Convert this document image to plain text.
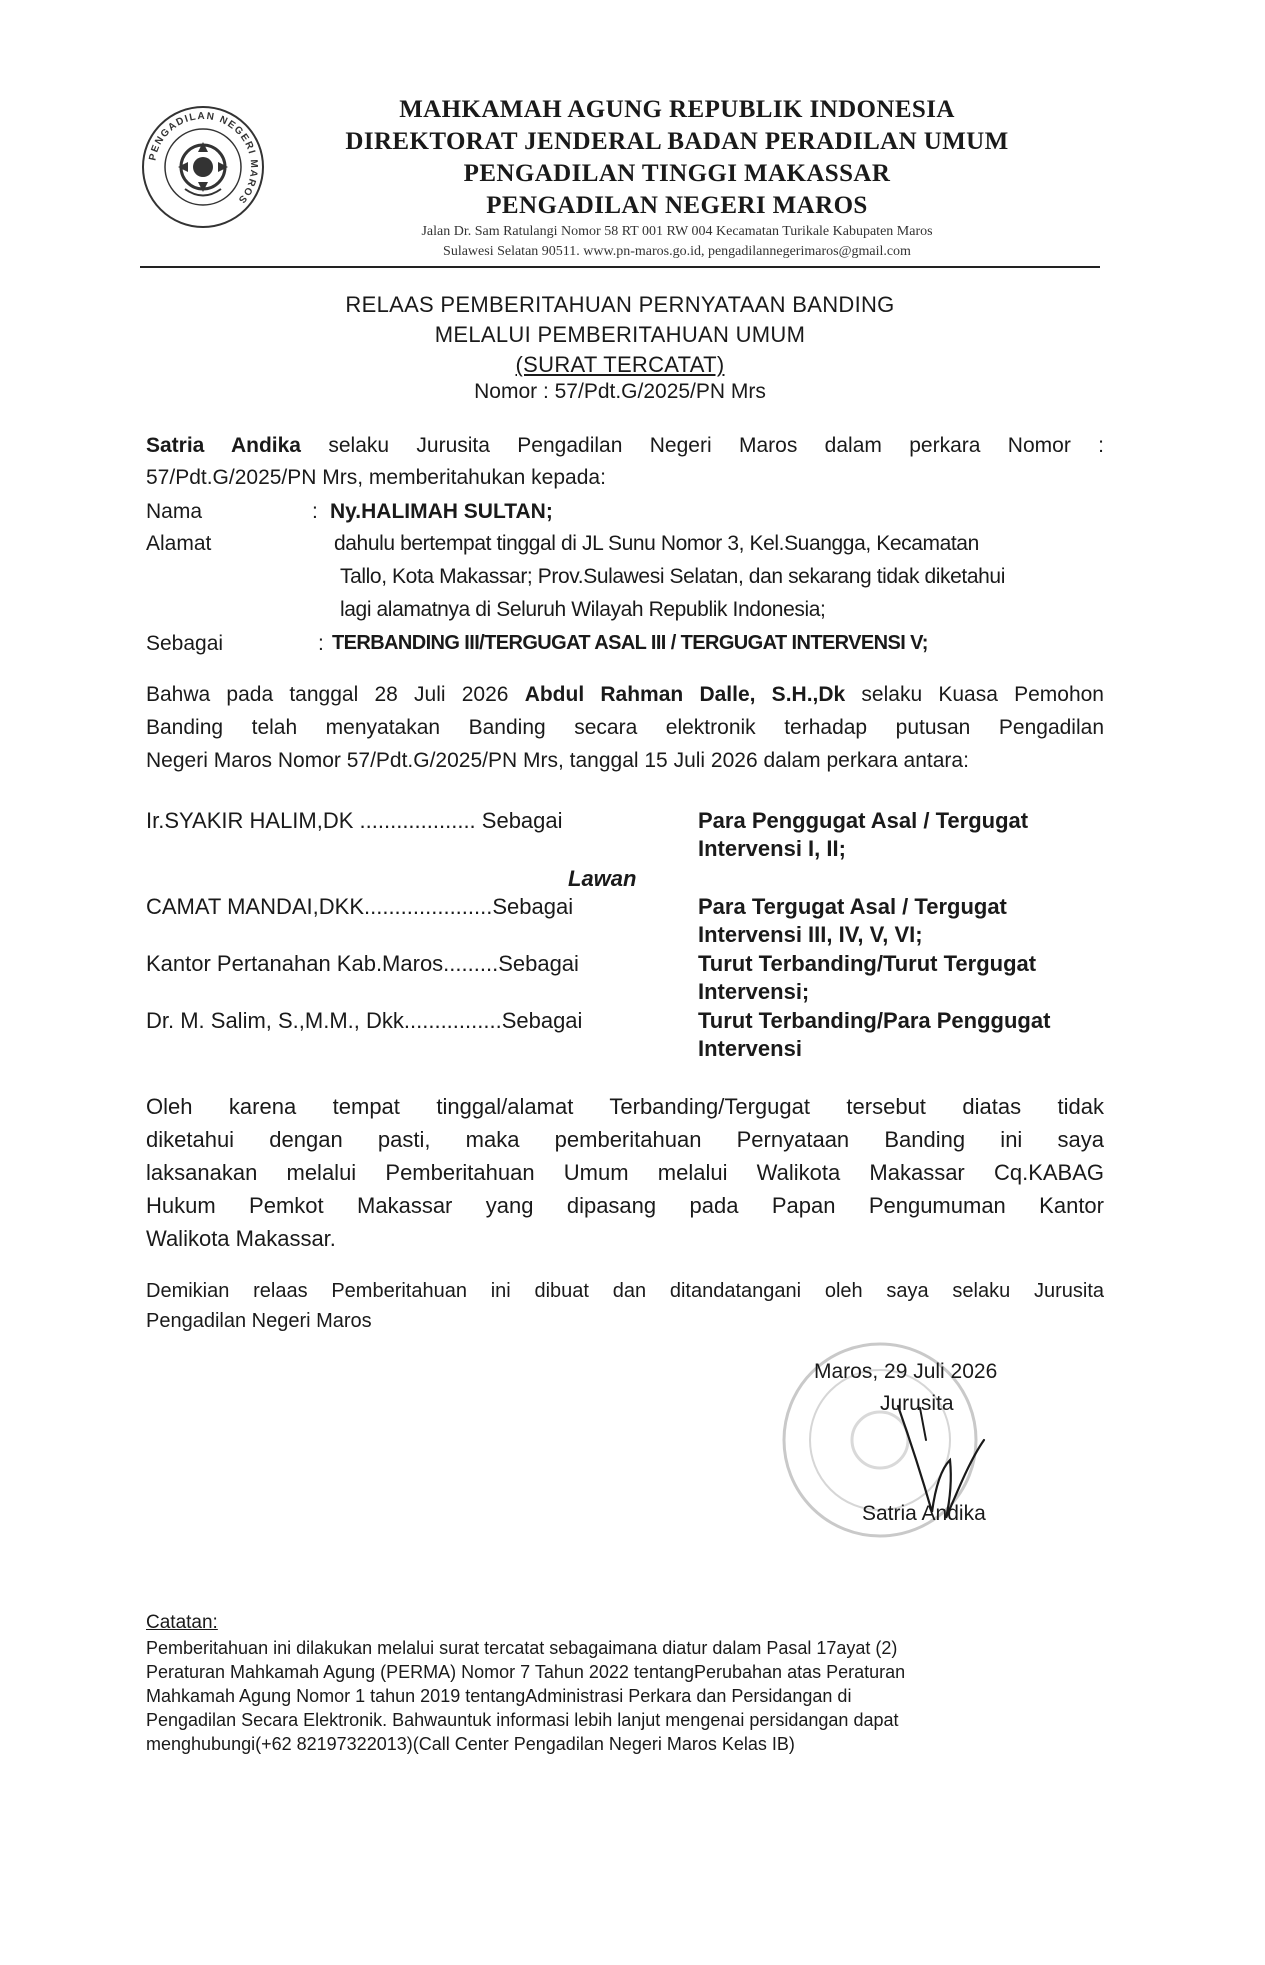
PENGADILAN NEGERI MAROS
MAHKAMAH AGUNG REPUBLIK INDONESIA
DIREKTORAT JENDERAL BADAN PERADILAN UMUM
PENGADILAN TINGGI MAKASSAR
PENGADILAN NEGERI MAROS
Jalan Dr. Sam Ratulangi Nomor 58 RT 001 RW 004 Kecamatan Turikale Kabupaten Maros
Sulawesi Selatan 90511. www.pn-maros.go.id, pengadilannegerimaros@gmail.com
RELAAS PEMBERITAHUAN PERNYATAAN BANDING
MELALUI PEMBERITAHUAN UMUM
(SURAT TERCATAT)
Nomor : 57/Pdt.G/2025/PN Mrs
Satria Andika selaku Jurusita Pengadilan Negeri Maros dalam perkara Nomor :
57/Pdt.G/2025/PN Mrs, memberitahukan kepada:
Nama	: Ny.HALIMAH SULTAN;
Alamat	dahulu bertempat tinggal di JL Sunu Nomor 3, Kel.Suangga, Kecamatan
Tallo, Kota Makassar; Prov.Sulawesi Selatan, dan sekarang tidak diketahui
lagi alamatnya di Seluruh Wilayah Republik Indonesia;
Sebagai	: TERBANDING III/TERGUGAT ASAL III / TERGUGAT INTERVENSI V;
Bahwa pada tanggal 28 Juli 2026 Abdul Rahman Dalle, S.H.,Dk selaku Kuasa Pemohon
Banding telah menyatakan Banding secara elektronik terhadap putusan Pengadilan
Negeri Maros Nomor 57/Pdt.G/2025/PN Mrs, tanggal 15 Juli 2026 dalam perkara antara:
Ir.SYAKIR HALIM,DK ................... Sebagai	Para Penggugat Asal / Tergugat
Intervensi I, II;
Lawan
CAMAT MANDAI,DKK.....................Sebagai	Para Tergugat Asal / Tergugat
Intervensi III, IV, V, VI;
Kantor Pertanahan Kab.Maros.........Sebagai	Turut Terbanding/Turut Tergugat
Intervensi;
Dr. M. Salim, S.,M.M., Dkk................Sebagai	Turut Terbanding/Para Penggugat
Intervensi
Oleh karena tempat tinggal/alamat Terbanding/Tergugat tersebut diatas tidak
diketahui dengan pasti, maka pemberitahuan Pernyataan Banding ini saya
laksanakan melalui Pemberitahuan Umum melalui Walikota Makassar Cq.KABAG
Hukum Pemkot Makassar yang dipasang pada Papan Pengumuman Kantor
Walikota Makassar.
Demikian relaas Pemberitahuan ini dibuat dan ditandatangani oleh saya selaku Jurusita
Pengadilan Negeri Maros
Maros, 29 Juli 2026
Jurusita
Satria Andika
Catatan:
Pemberitahuan ini dilakukan melalui surat tercatat sebagaimana diatur dalam Pasal 17ayat (2)
Peraturan Mahkamah Agung (PERMA) Nomor 7 Tahun 2022 tentangPerubahan atas Peraturan
Mahkamah Agung Nomor 1 tahun 2019 tentangAdministrasi Perkara dan Persidangan di
Pengadilan Secara Elektronik. Bahwauntuk informasi lebih lanjut mengenai persidangan dapat
menghubungi(+62 82197322013)(Call Center Pengadilan Negeri Maros Kelas IB)
